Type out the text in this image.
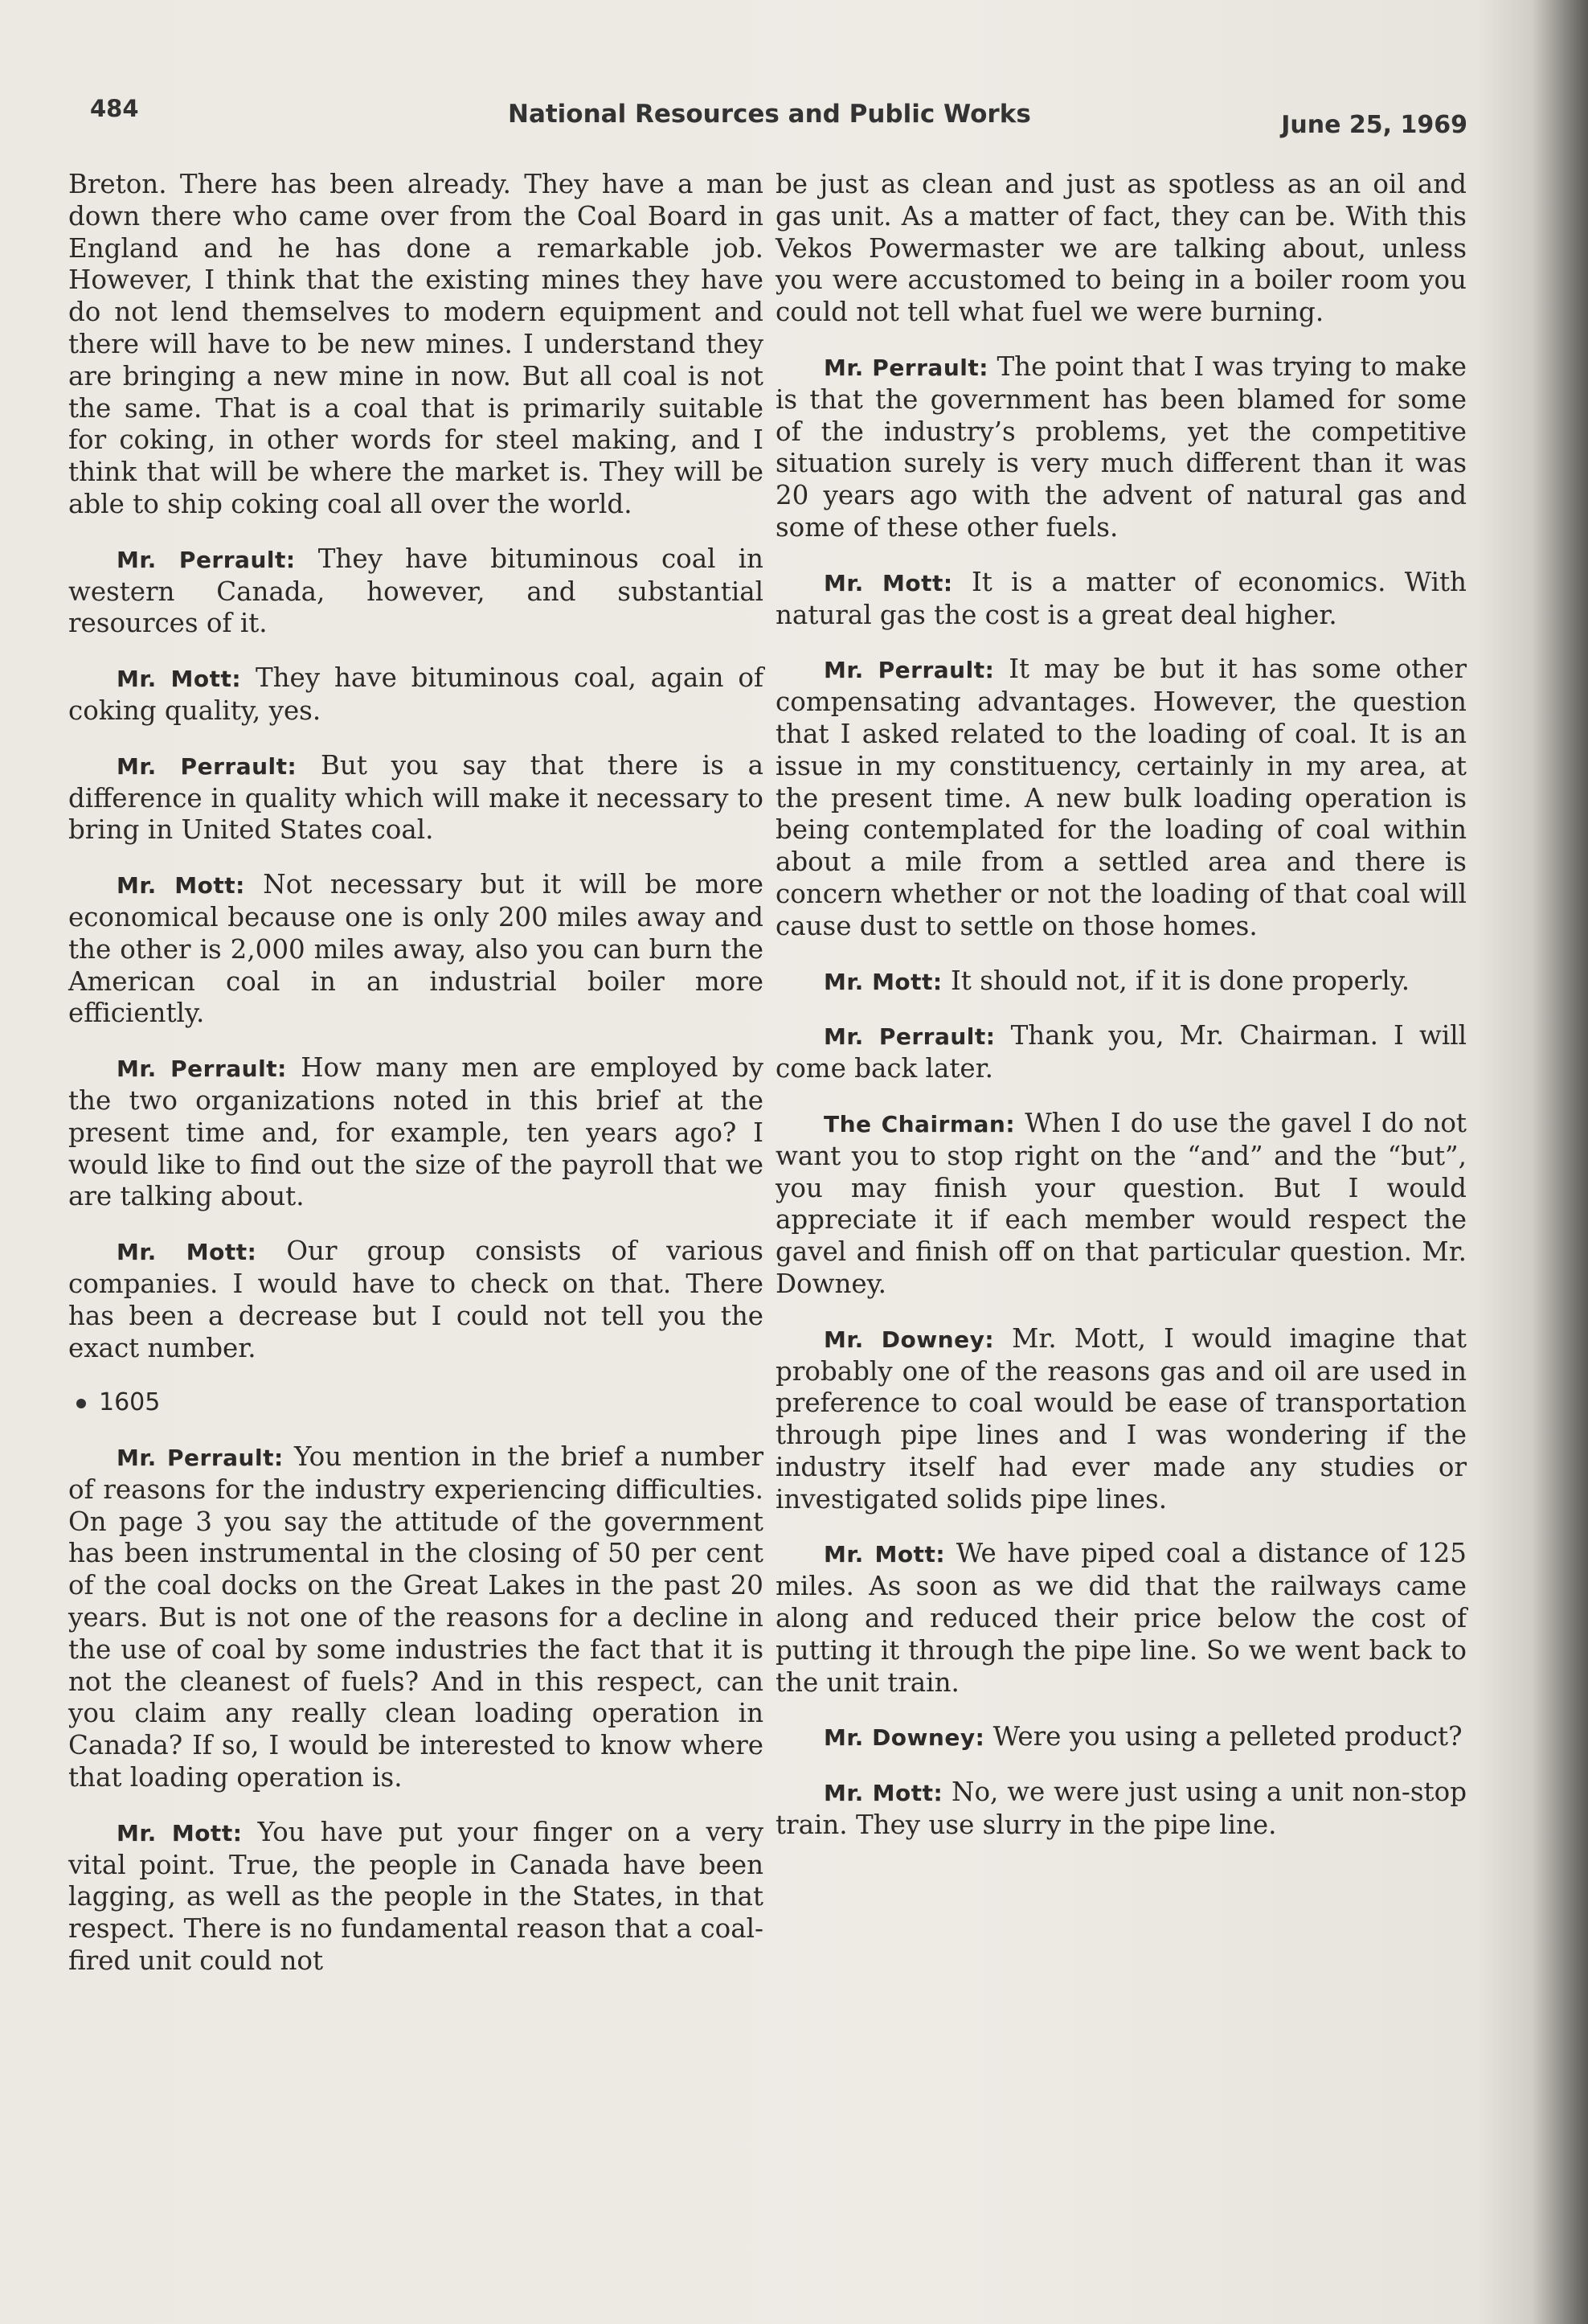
484	National Resources and Public Works	June 25, 1969

Breton. There has been already. They have a man down there who came over from the Coal Board in England and he has done a remarkable job. However, I think that the existing mines they have do not lend themselves to modern equipment and there will have to be new mines. I understand they are bringing a new mine in now. But all coal is not the same. That is a coal that is primarily suitable for coking, in other words for steel making, and I think that will be where the market is. They will be able to ship coking coal all over the world.

Mr. Perrault: They have bituminous coal in western Canada, however, and substantial resources of it.

Mr. Mott: They have bituminous coal, again of coking quality, yes.

Mr. Perrault: But you say that there is a difference in quality which will make it necessary to bring in United States coal.

Mr. Mott: Not necessary but it will be more economical because one is only 200 miles away and the other is 2,000 miles away, also you can burn the American coal in an industrial boiler more efficiently.

Mr. Perrault: How many men are employed by the two organizations noted in this brief at the present time and, for example, ten years ago? I would like to find out the size of the payroll that we are talking about.

Mr. Mott: Our group consists of various companies. I would have to check on that. There has been a decrease but I could not tell you the exact number.

1605

Mr. Perrault: You mention in the brief a number of reasons for the industry experiencing difficulties. On page 3 you say the attitude of the government has been instrumental in the closing of 50 per cent of the coal docks on the Great Lakes in the past 20 years. But is not one of the reasons for a decline in the use of coal by some industries the fact that it is not the cleanest of fuels? And in this respect, can you claim any really clean loading operation in Canada? If so, I would be interested to know where that loading operation is.

Mr. Mott: You have put your finger on a very vital point. True, the people in Canada have been lagging, as well as the people in the States, in that respect. There is no fundamental reason that a coal-fired unit could not

be just as clean and just as spotless as an oil and gas unit. As a matter of fact, they can be. With this Vekos Powermaster we are talking about, unless you were accustomed to being in a boiler room you could not tell what fuel we were burning.

Mr. Perrault: The point that I was trying to make is that the government has been blamed for some of the industry’s problems, yet the competitive situation surely is very much different than it was 20 years ago with the advent of natural gas and some of these other fuels.

Mr. Mott: It is a matter of economics. With natural gas the cost is a great deal higher.

Mr. Perrault: It may be but it has some other compensating advantages. However, the question that I asked related to the loading of coal. It is an issue in my constituency, certainly in my area, at the present time. A new bulk loading operation is being contemplated for the loading of coal within about a mile from a settled area and there is concern whether or not the loading of that coal will cause dust to settle on those homes.

Mr. Mott: It should not, if it is done properly.

Mr. Perrault: Thank you, Mr. Chairman. I will come back later.

The Chairman: When I do use the gavel I do not want you to stop right on the “and” and the “but”, you may finish your question. But I would appreciate it if each member would respect the gavel and finish off on that particular question. Mr. Downey.

Mr. Downey: Mr. Mott, I would imagine that probably one of the reasons gas and oil are used in preference to coal would be ease of transportation through pipe lines and I was wondering if the industry itself had ever made any studies or investigated solids pipe lines.

Mr. Mott: We have piped coal a distance of 125 miles. As soon as we did that the railways came along and reduced their price below the cost of putting it through the pipe line. So we went back to the unit train.

Mr. Downey: Were you using a pelleted product?

Mr. Mott: No, we were just using a unit non-stop train. They use slurry in the pipe line.
